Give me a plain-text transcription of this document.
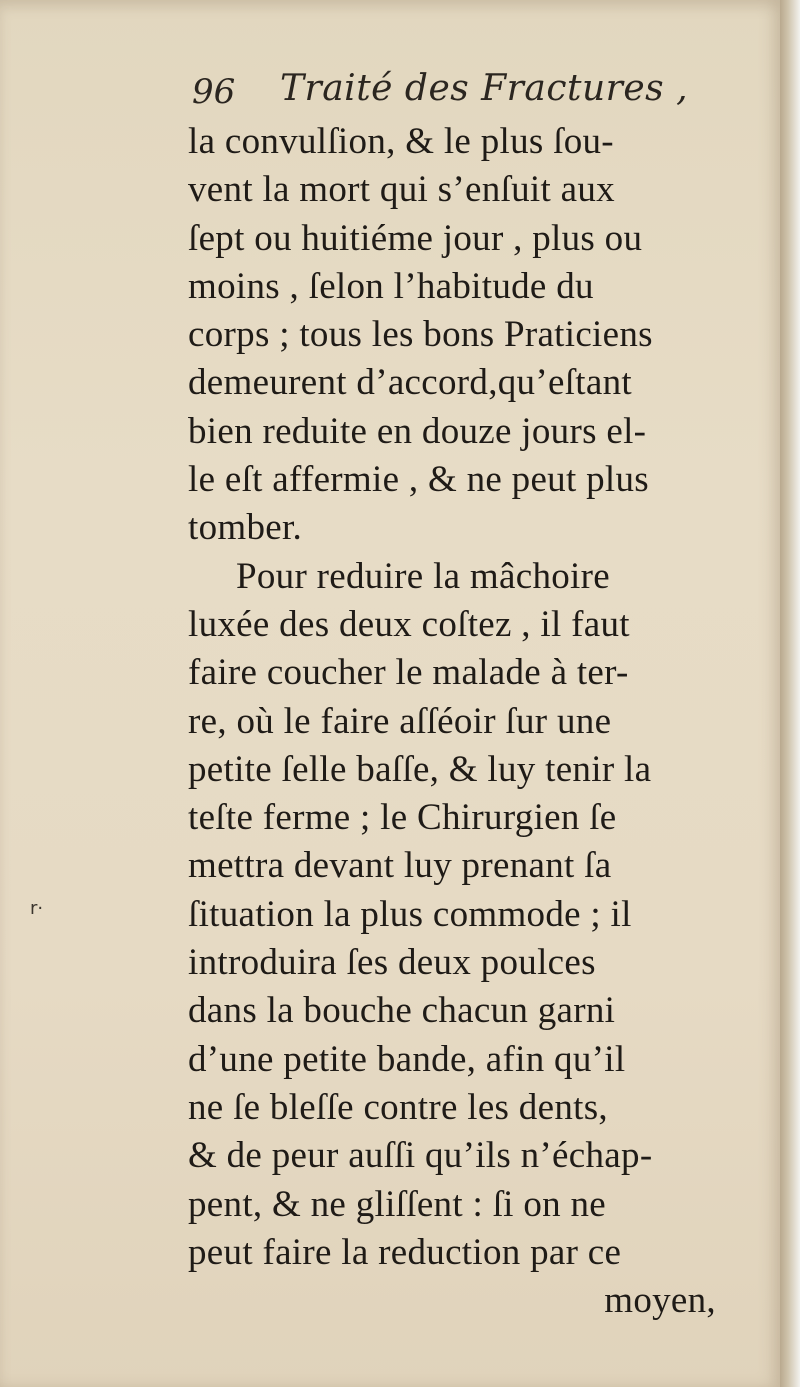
96 Traité des Fractures ,
la convulſion, & le plus ſou-
vent la mort qui s’enſuit aux
ſept ou huitiéme jour , plus ou
moins , ſelon l’habitude du
corps ; tous les bons Praticiens
demeurent d’accord,qu’eſtant
bien reduite en douze jours el-
le eſt affermie , & ne peut plus
tomber.
Pour reduire la mâchoire
luxée des deux coſtez , il faut
faire coucher le malade à ter-
re, où le faire aſſéoir ſur une
petite ſelle baſſe, & luy tenir la
teſte ferme ; le Chirurgien ſe
mettra devant luy prenant ſa
ſituation la plus commode ; il
introduira ſes deux poulces
dans la bouche chacun garni
d’une petite bande, afin qu’il
ne ſe bleſſe contre les dents,
& de peur auſſi qu’ils n’échap-
pent, & ne gliſſent : ſi on ne
peut faire la reduction par ce
moyen,
r·
